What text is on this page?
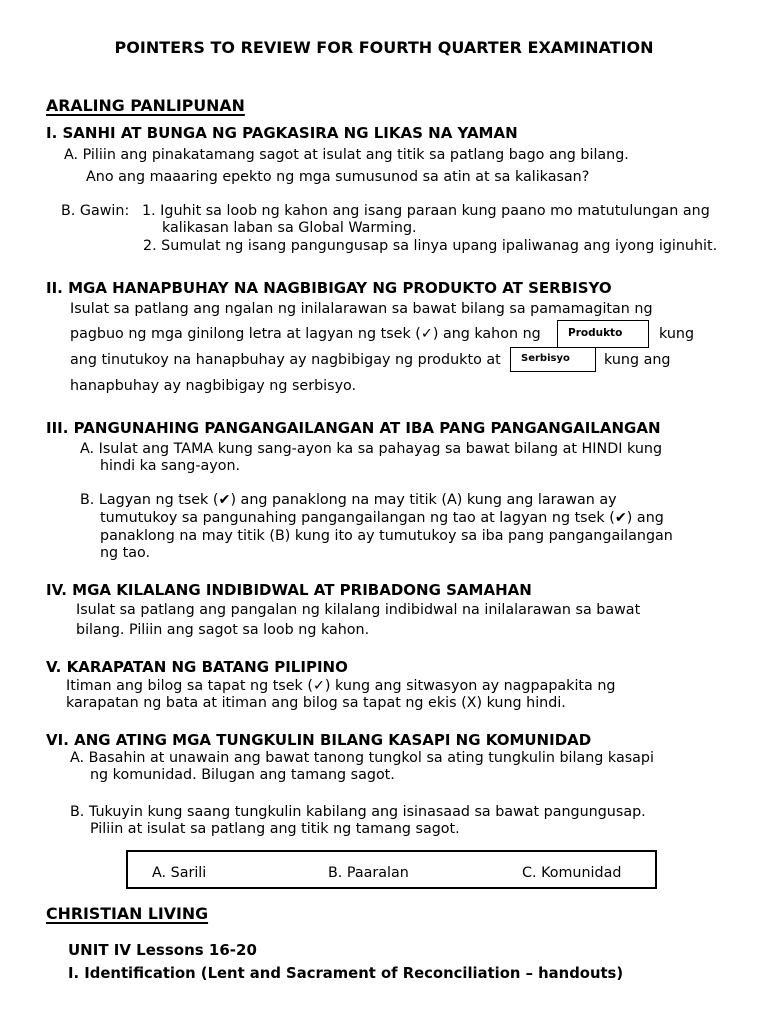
POINTERS TO REVIEW FOR FOURTH QUARTER EXAMINATION
ARALING PANLIPUNAN
I. SANHI AT BUNGA NG PAGKASIRA NG LIKAS NA YAMAN
A. Piliin ang pinakatamang sagot at isulat ang titik sa patlang bago ang bilang.
Ano ang maaaring epekto ng mga sumusunod sa atin at sa kalikasan?
B. Gawin: 1. Iguhit sa loob ng kahon ang isang paraan kung paano mo matutulungan ang
kalikasan laban sa Global Warming.
2. Sumulat ng isang pangungusap sa linya upang ipaliwanag ang iyong iginuhit.
II. MGA HANAPBUHAY NA NAGBIBIGAY NG PRODUKTO AT SERBISYO
Isulat sa patlang ang ngalan ng inilalarawan sa bawat bilang sa pamamagitan ng
pagbuo ng mga ginilong letra at lagyan ng tsek (✓) ang kahon ng	Produkto	kung
ang tinutukoy na hanapbuhay ay nagbibigay ng produkto at	Serbisyo	kung ang
hanapbuhay ay nagbibigay ng serbisyo.
III. PANGUNAHING PANGANGAILANGAN AT IBA PANG PANGANGAILANGAN
A. Isulat ang TAMA kung sang-ayon ka sa pahayag sa bawat bilang at HINDI kung
hindi ka sang-ayon.
B. Lagyan ng tsek (✔) ang panaklong na may titik (A) kung ang larawan ay
tumutukoy sa pangunahing pangangailangan ng tao at lagyan ng tsek (✔) ang
panaklong na may titik (B) kung ito ay tumutukoy sa iba pang pangangailangan
ng tao.
IV. MGA KILALANG INDIBIDWAL AT PRIBADONG SAMAHAN
Isulat sa patlang ang pangalan ng kilalang indibidwal na inilalarawan sa bawat
bilang. Piliin ang sagot sa loob ng kahon.
V. KARAPATAN NG BATANG PILIPINO
Itiman ang bilog sa tapat ng tsek (✓) kung ang sitwasyon ay nagpapakita ng
karapatan ng bata at itiman ang bilog sa tapat ng ekis (X) kung hindi.
VI. ANG ATING MGA TUNGKULIN BILANG KASAPI NG KOMUNIDAD
A. Basahin at unawain ang bawat tanong tungkol sa ating tungkulin bilang kasapi
ng komunidad. Bilugan ang tamang sagot.
B. Tukuyin kung saang tungkulin kabilang ang isinasaad sa bawat pangungusap.
Piliin at isulat sa patlang ang titik ng tamang sagot.
A. Sarili	B. Paaralan	C. Komunidad
CHRISTIAN LIVING
UNIT IV Lessons 16-20
I. Identification (Lent and Sacrament of Reconciliation – handouts)
